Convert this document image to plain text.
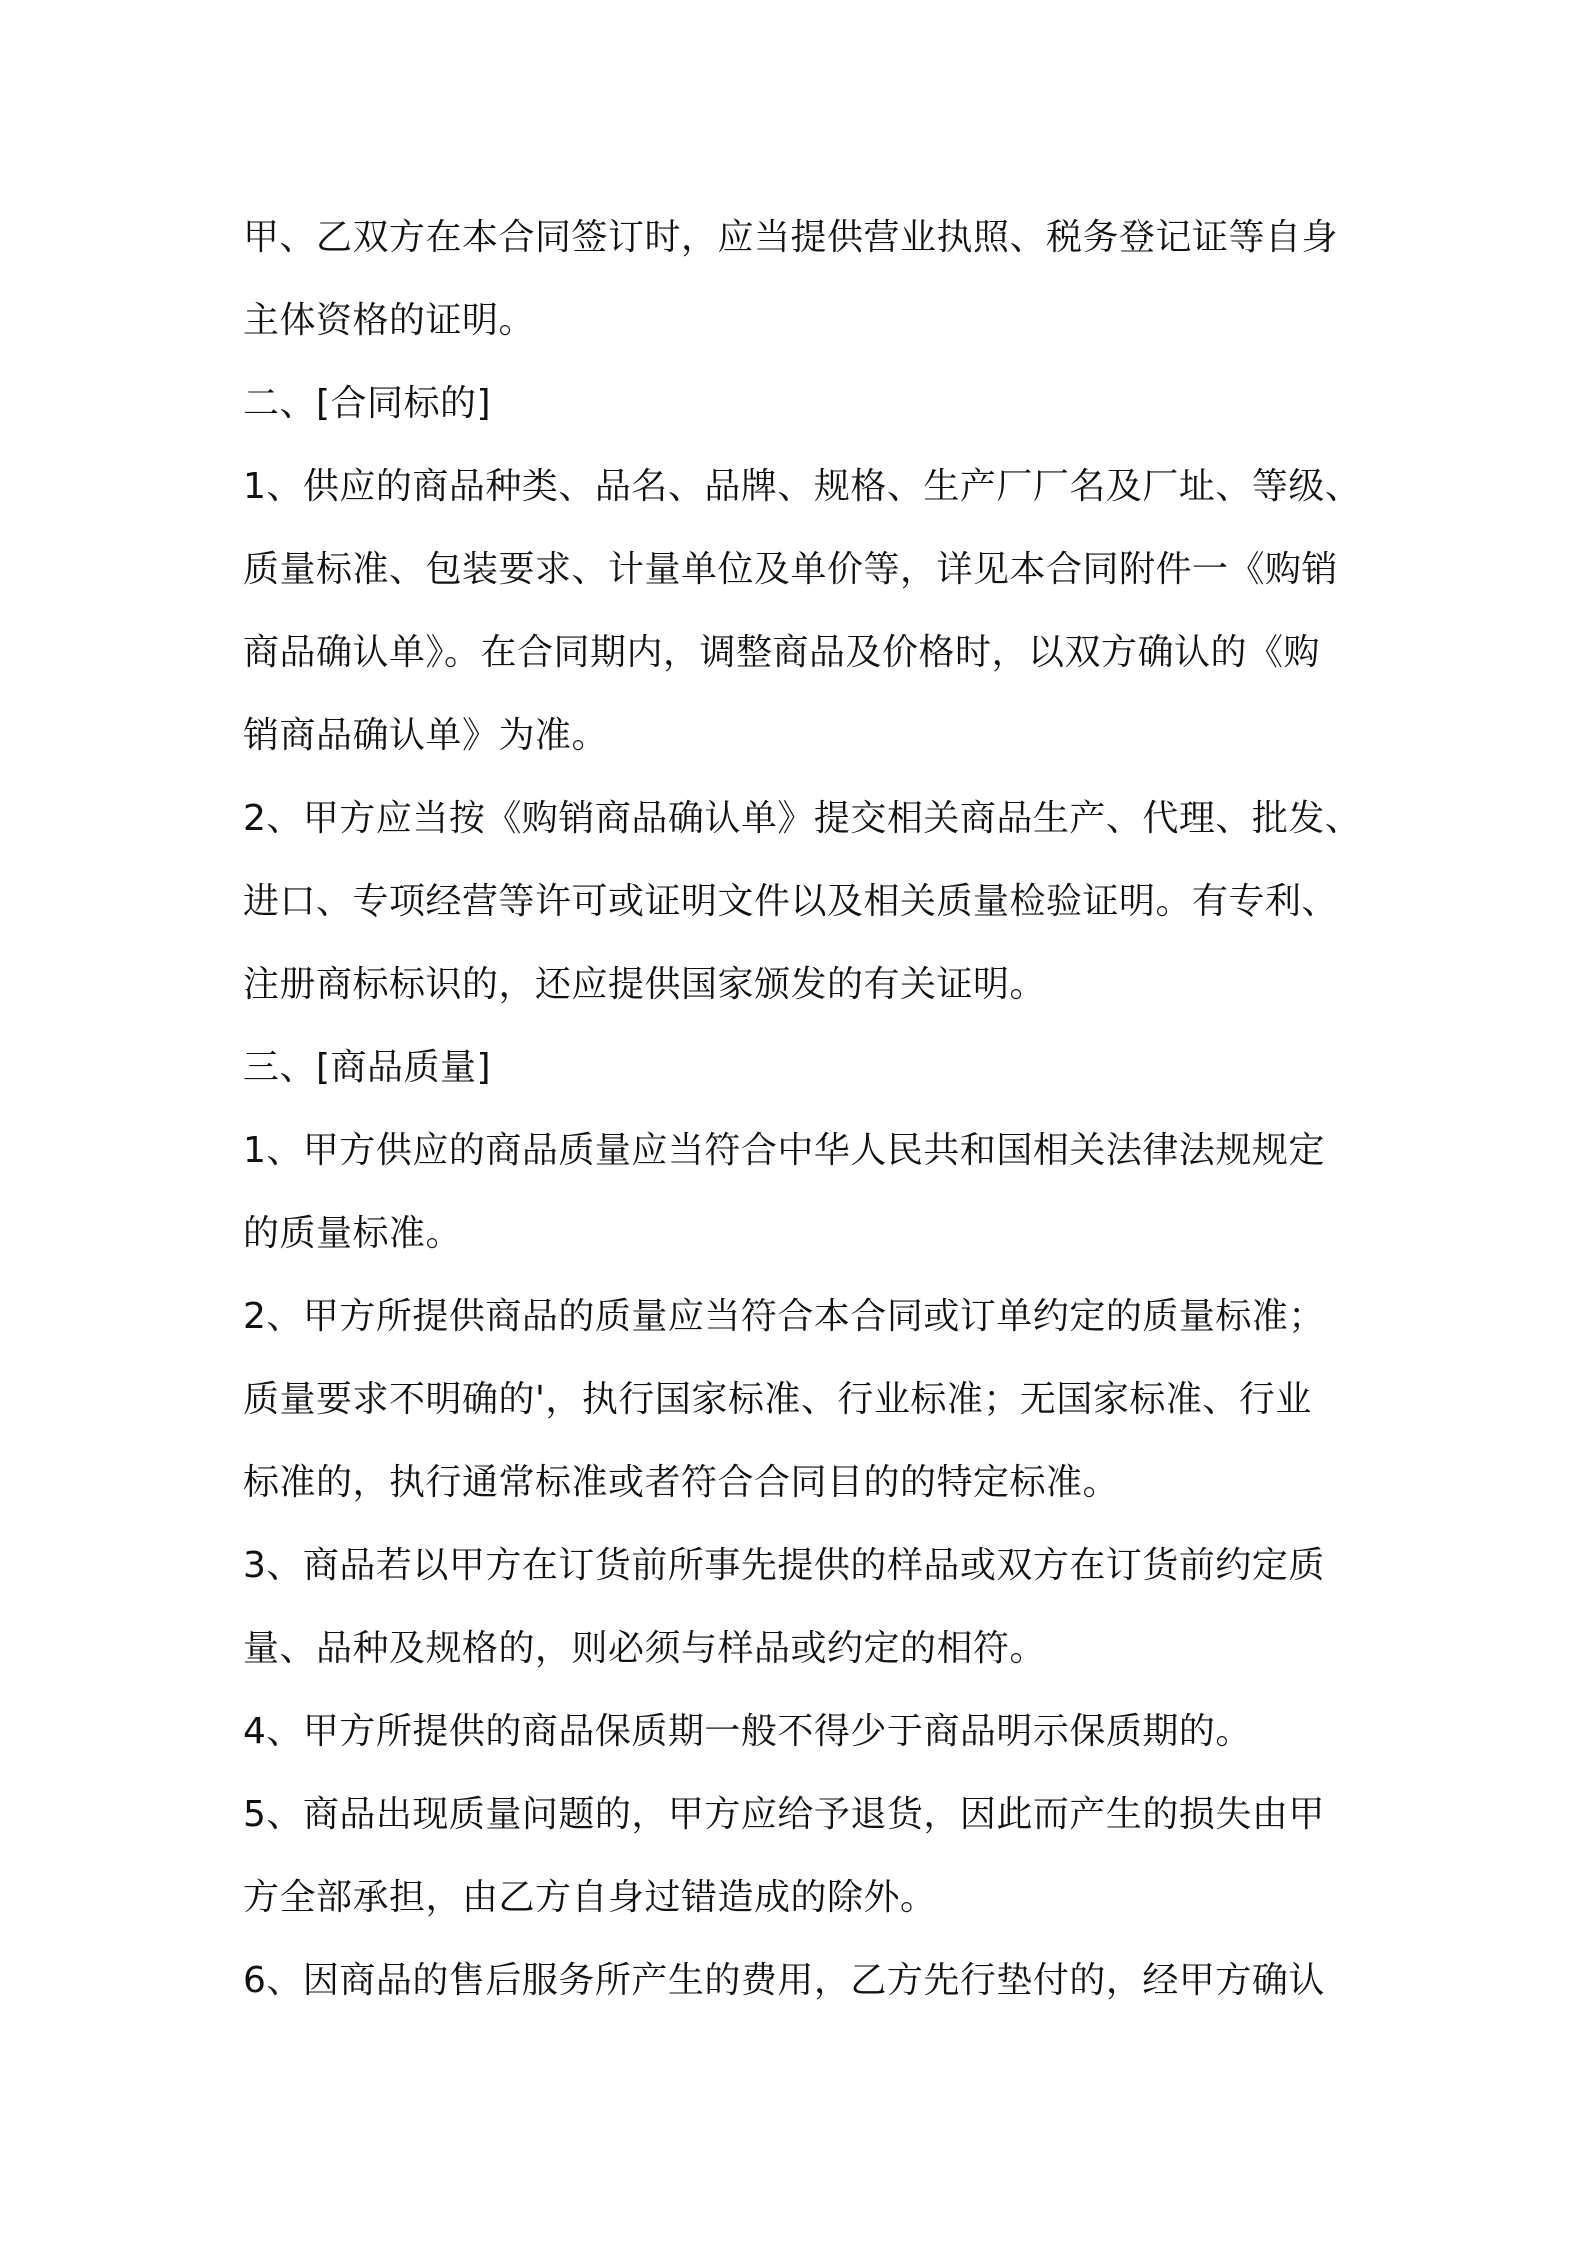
甲、乙双方在本合同签订时，应当提供营业执照、税务登记证等自身
主体资格的证明。
二、[合同标的]
1、供应的商品种类、品名、品牌、规格、生产厂厂名及厂址、等级、
质量标准、包装要求、计量单位及单价等，详见本合同附件一《购销
商品确认单》。在合同期内，调整商品及价格时，以双方确认的《购
销商品确认单》为准。
2、甲方应当按《购销商品确认单》提交相关商品生产、代理、批发、
进口、专项经营等许可或证明文件以及相关质量检验证明。有专利、
注册商标标识的，还应提供国家颁发的有关证明。
三、[商品质量]
1、甲方供应的商品质量应当符合中华人民共和国相关法律法规规定
的质量标准。
2、甲方所提供商品的质量应当符合本合同或订单约定的质量标准；
质量要求不明确的'，执行国家标准、行业标准；无国家标准、行业
标准的，执行通常标准或者符合合同目的的特定标准。
3、商品若以甲方在订货前所事先提供的样品或双方在订货前约定质
量、品种及规格的，则必须与样品或约定的相符。
4、甲方所提供的商品保质期一般不得少于商品明示保质期的。
5、商品出现质量问题的，甲方应给予退货，因此而产生的损失由甲
方全部承担，由乙方自身过错造成的除外。
6、因商品的售后服务所产生的费用，乙方先行垫付的，经甲方确认
